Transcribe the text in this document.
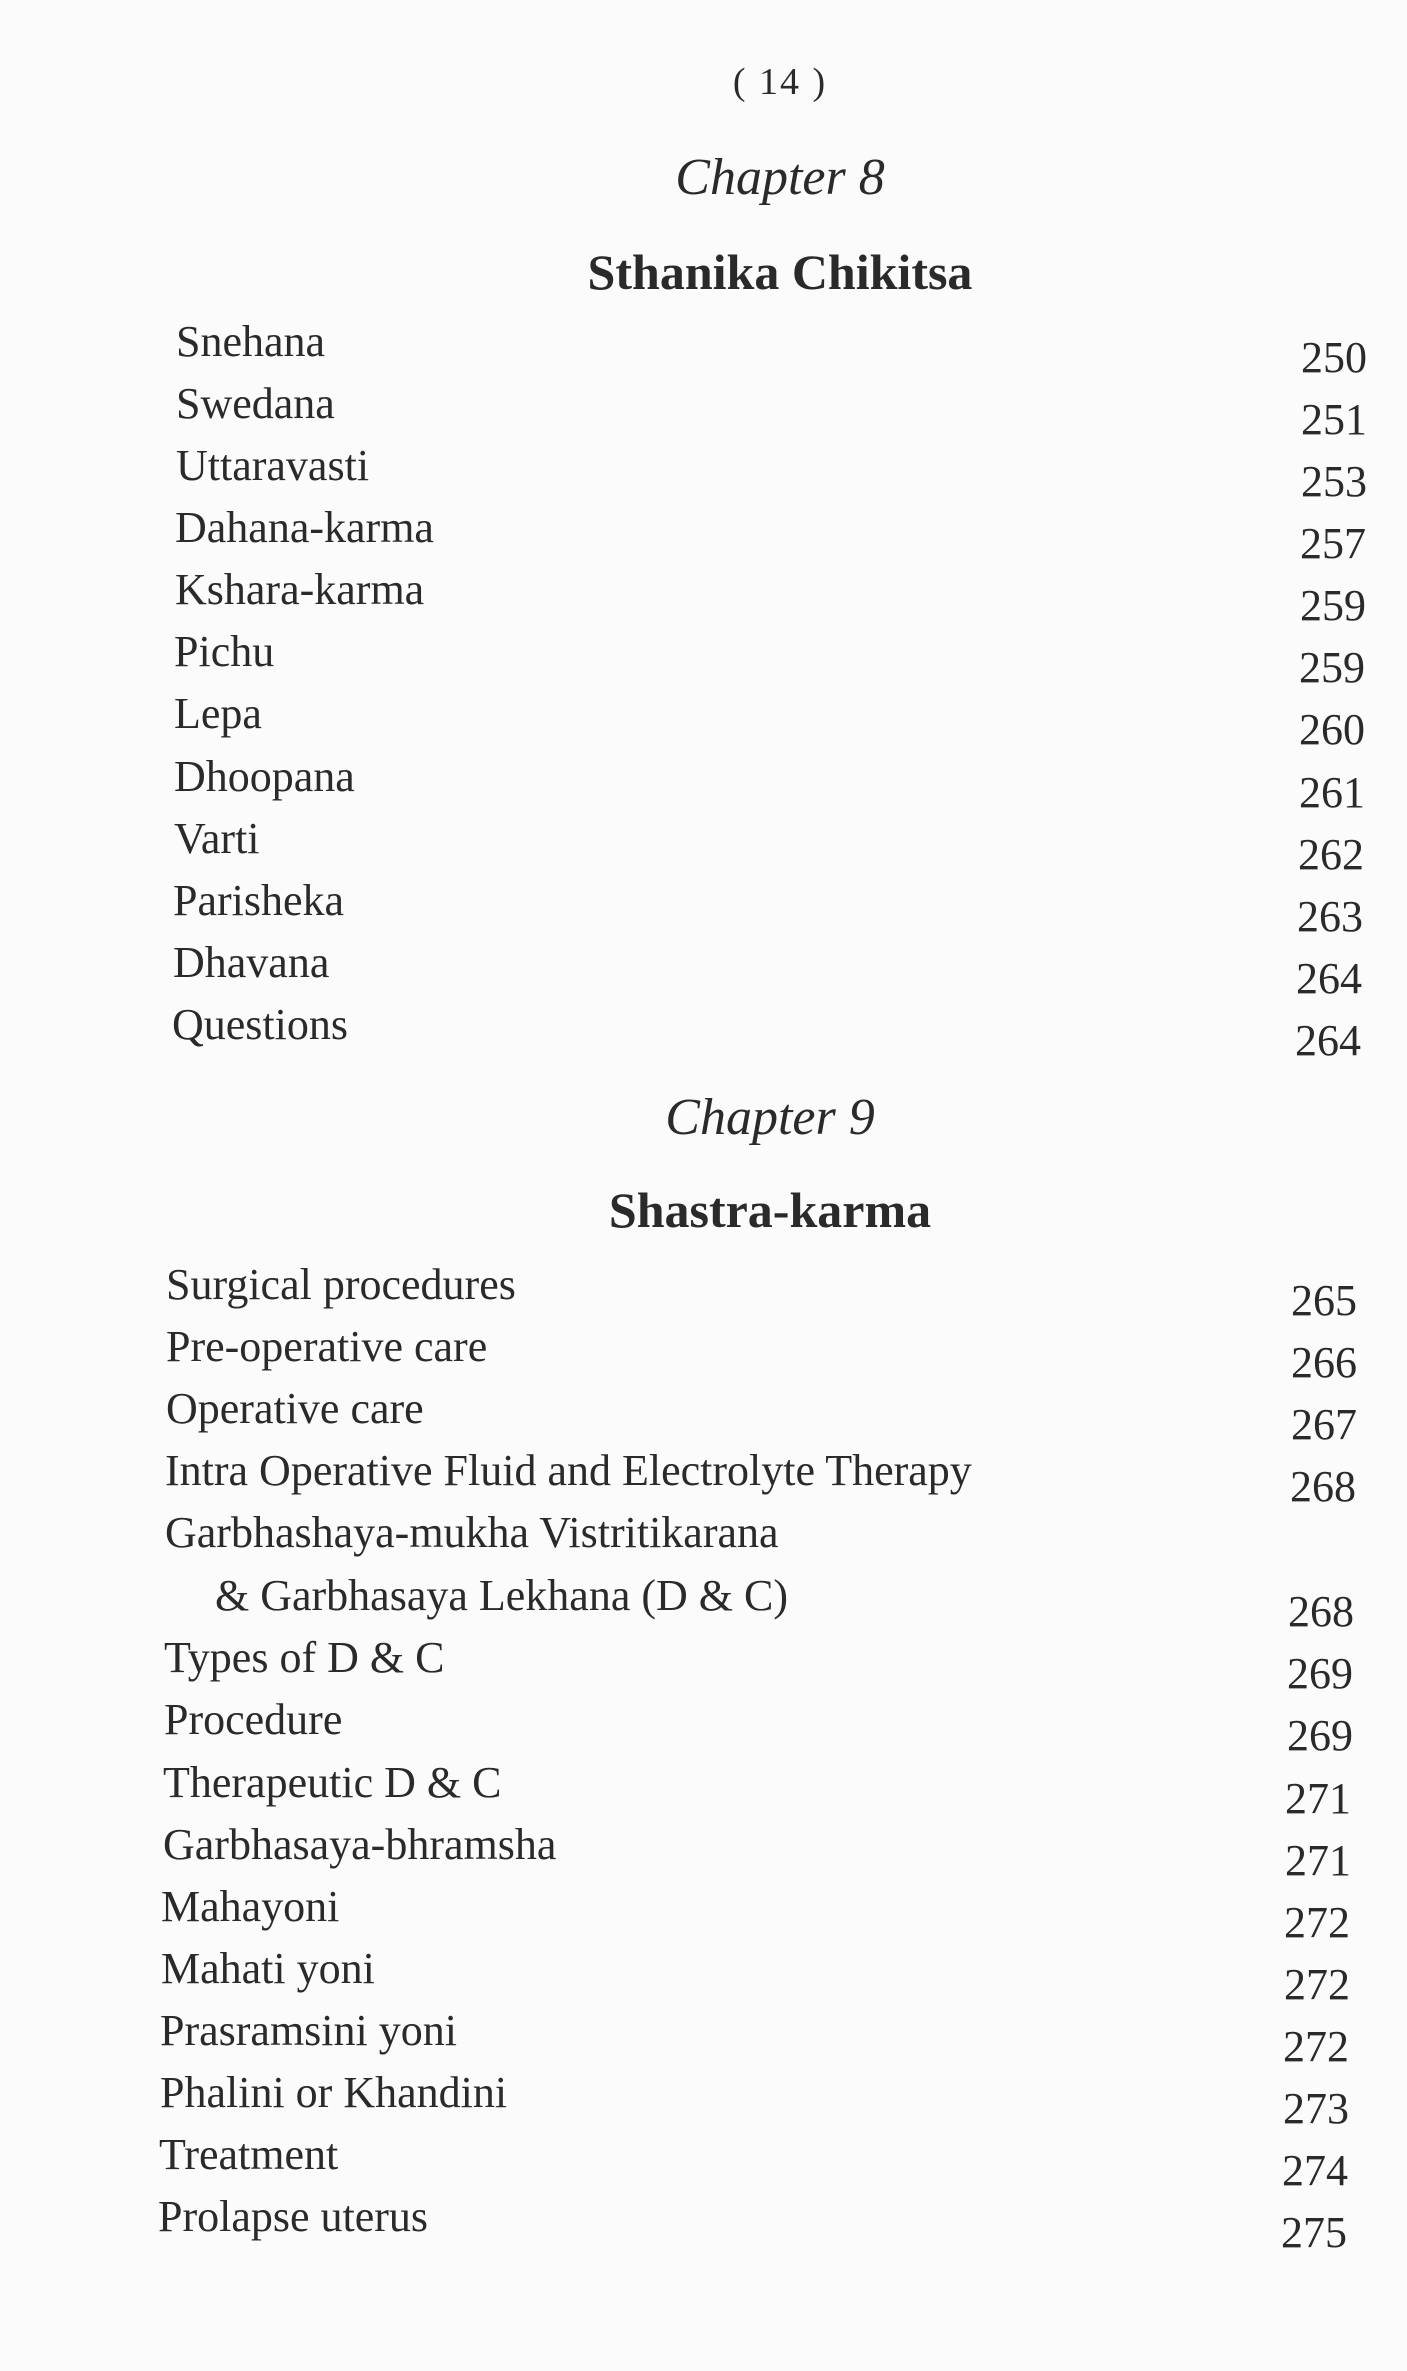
( 14 )
Chapter 8
Sthanika Chikitsa
Snehana	250
Swedana	251
Uttaravasti	253
Dahana-karma	257
Kshara-karma	259
Pichu	259
Lepa	260
Dhoopana	261
Varti	262
Parisheka	263
Dhavana	264
Questions	264
Chapter 9
Shastra-karma
Surgical procedures	265
Pre-operative care	266
Operative care	267
Intra Operative Fluid and Electrolyte Therapy	268
Garbhashaya-mukha Vistritikarana
& Garbhasaya Lekhana (D & C)	268
Types of D & C	269
Procedure	269
Therapeutic D & C	271
Garbhasaya-bhramsha	271
Mahayoni	272
Mahati yoni	272
Prasramsini yoni	272
Phalini or Khandini	273
Treatment	274
Prolapse uterus	275
